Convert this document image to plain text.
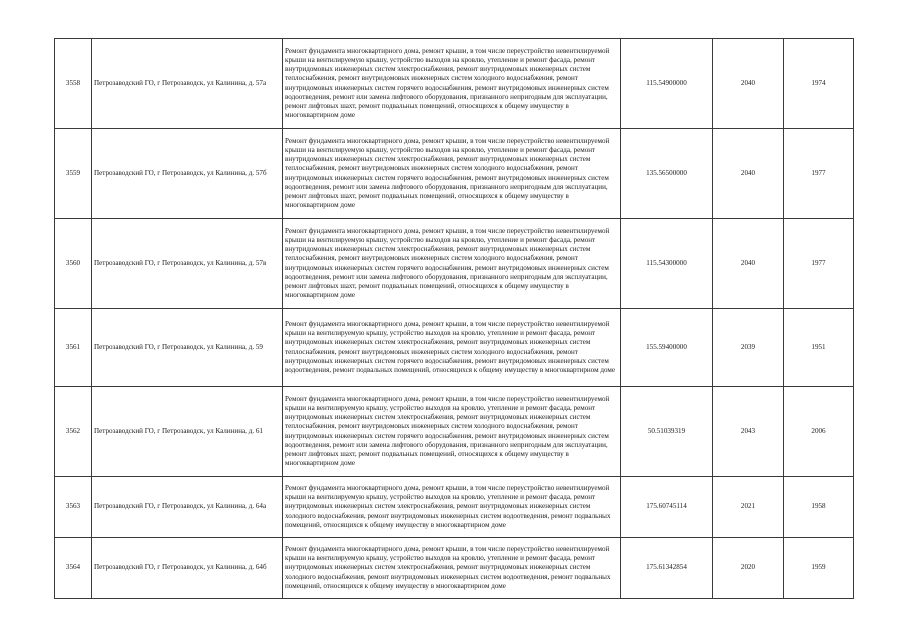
3558	Петрозаводский ГО, г Петрозаводск, ул Калинина, д. 57а	Ремонт фундамента многоквартирного дома, ремонт крыши, в том числе переустройство невентилируемой крыши на вентилируемую крышу, устройство выходов на кровлю, утепление и ремонт фасада, ремонт внутридомовых инженерных систем электроснабжения, ремонт внутридомовых инженерных систем теплоснабжения, ремонт внутридомовых инженерных систем холодного водоснабжения, ремонт внутридомовых инженерных систем горячего водоснабжения, ремонт внутридомовых инженерных систем водоотведения, ремонт или замена лифтового оборудования, признанного непригодным для эксплуатации, ремонт лифтовых шахт, ремонт подвальных помещений, относящихся к общему имуществу в многоквартирном доме	115.54900000	2040	1974
3559	Петрозаводский ГО, г Петрозаводск, ул Калинина, д. 57б	Ремонт фундамента многоквартирного дома, ремонт крыши, в том числе переустройство невентилируемой крыши на вентилируемую крышу, устройство выходов на кровлю, утепление и ремонт фасада, ремонт внутридомовых инженерных систем электроснабжения, ремонт внутридомовых инженерных систем теплоснабжения, ремонт внутридомовых инженерных систем холодного водоснабжения, ремонт внутридомовых инженерных систем горячего водоснабжения, ремонт внутридомовых инженерных систем водоотведения, ремонт или замена лифтового оборудования, признанного непригодным для эксплуатации, ремонт лифтовых шахт, ремонт подвальных помещений, относящихся к общему имуществу в многоквартирном доме	135.56500000	2040	1977
3560	Петрозаводский ГО, г Петрозаводск, ул Калинина, д. 57в	Ремонт фундамента многоквартирного дома, ремонт крыши, в том числе переустройство невентилируемой крыши на вентилируемую крышу, устройство выходов на кровлю, утепление и ремонт фасада, ремонт внутридомовых инженерных систем электроснабжения, ремонт внутридомовых инженерных систем теплоснабжения, ремонт внутридомовых инженерных систем холодного водоснабжения, ремонт внутридомовых инженерных систем горячего водоснабжения, ремонт внутридомовых инженерных систем водоотведения, ремонт или замена лифтового оборудования, признанного непригодным для эксплуатации, ремонт лифтовых шахт, ремонт подвальных помещений, относящихся к общему имуществу в многоквартирном доме	115.54300000	2040	1977
3561	Петрозаводский ГО, г Петрозаводск, ул Калинина, д. 59	Ремонт фундамента многоквартирного дома, ремонт крыши, в том числе переустройство невентилируемой крыши на вентилируемую крышу, устройство выходов на кровлю, утепление и ремонт фасада, ремонт внутридомовых инженерных систем электроснабжения, ремонт внутридомовых инженерных систем теплоснабжения, ремонт внутридомовых инженерных систем холодного водоснабжения, ремонт внутридомовых инженерных систем горячего водоснабжения, ремонт внутридомовых инженерных систем водоотведения, ремонт подвальных помещений, относящихся к общему имуществу в многоквартирном доме	155.59400000	2039	1951
3562	Петрозаводский ГО, г Петрозаводск, ул Калинина, д. 61	Ремонт фундамента многоквартирного дома, ремонт крыши, в том числе переустройство невентилируемой крыши на вентилируемую крышу, устройство выходов на кровлю, утепление и ремонт фасада, ремонт внутридомовых инженерных систем электроснабжения, ремонт внутридомовых инженерных систем теплоснабжения, ремонт внутридомовых инженерных систем холодного водоснабжения, ремонт внутридомовых инженерных систем горячего водоснабжения, ремонт внутридомовых инженерных систем водоотведения, ремонт или замена лифтового оборудования, признанного непригодным для эксплуатации, ремонт лифтовых шахт, ремонт подвальных помещений, относящихся к общему имуществу в многоквартирном доме	50.51039319	2043	2006
3563	Петрозаводский ГО, г Петрозаводск, ул Калинина, д. 64а	Ремонт фундамента многоквартирного дома, ремонт крыши, в том числе переустройство невентилируемой крыши на вентилируемую крышу, устройство выходов на кровлю, утепление и ремонт фасада, ремонт внутридомовых инженерных систем электроснабжения, ремонт внутридомовых инженерных систем холодного водоснабжения, ремонт внутридомовых инженерных систем водоотведения, ремонт подвальных помещений, относящихся к общему имуществу в многоквартирном доме	175.60745114	2021	1958
3564	Петрозаводский ГО, г Петрозаводск, ул Калинина, д. 64б	Ремонт фундамента многоквартирного дома, ремонт крыши, в том числе переустройство невентилируемой крыши на вентилируемую крышу, устройство выходов на кровлю, утепление и ремонт фасада, ремонт внутридомовых инженерных систем электроснабжения, ремонт внутридомовых инженерных систем холодного водоснабжения, ремонт внутридомовых инженерных систем водоотведения, ремонт подвальных помещений, относящихся к общему имуществу в многоквартирном доме	175.61342854	2020	1959
